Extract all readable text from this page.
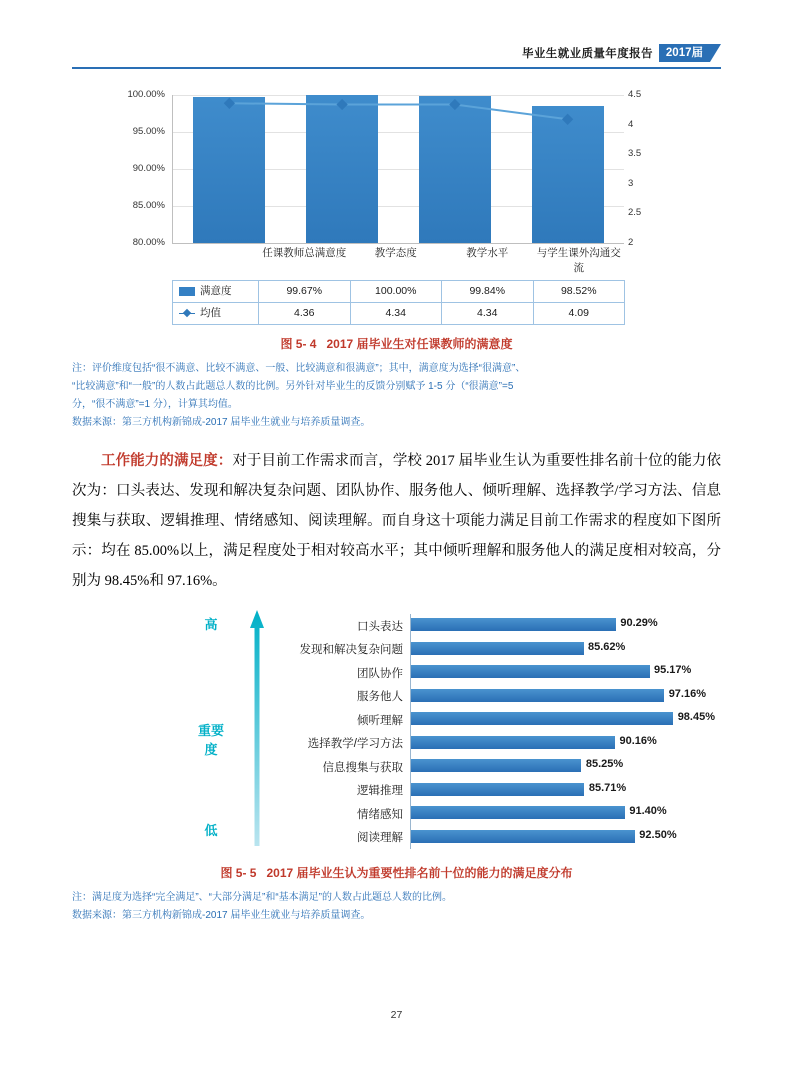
毕业生就业质量年度报告	2017届
100.00%
95.00%
90.00%
85.00%
80.00%
4.5
4
3.5
3
2.5
2
	任课教师总满意度	教学态度	教学水平	与学生课外沟通交流
满意度	99.67%	100.00%	99.84%	98.52%
均值	4.36	4.34	4.34	4.09
图 5- 4 2017 届毕业生对任课教师的满意度
注：评价维度包括“很不满意、比较不满意、一般、比较满意和很满意”；其中，满意度为选择“很满意”、
“比较满意”和“一般”的人数占此题总人数的比例。另外针对毕业生的反馈分别赋予 1-5 分（“很满意”=5
分，“很不满意”=1 分），计算其均值。
数据来源：第三方机构新锦成-2017 届毕业生就业与培养质量调查。

工作能力的满足度：对于目前工作需求而言，学校 2017 届毕业生认为重要性排名前十位的能力依次为：口头表达、发现和解决复杂问题、团队协作、服务他人、倾听理解、选择教学/学习方法、信息搜集与获取、逻辑推理、情绪感知、阅读理解。而自身这十项能力满足目前工作需求的程度如下图所示：均在 85.00%以上，满足程度处于相对较高水平；其中倾听理解和服务他人的满足度相对较高，分别为 98.45%和 97.16%。

高
重要度
低
口头表达	90.29%
发现和解决复杂问题	85.62%
团队协作	95.17%
服务他人	97.16%
倾听理解	98.45%
选择教学/学习方法	90.16%
信息搜集与获取	85.25%
逻辑推理	85.71%
情绪感知	91.40%
阅读理解	92.50%
图 5- 5 2017 届毕业生认为重要性排名前十位的能力的满足度分布
注：满足度为选择“完全满足”、“大部分满足”和“基本满足”的人数占此题总人数的比例。
数据来源：第三方机构新锦成-2017 届毕业生就业与培养质量调查。
27
